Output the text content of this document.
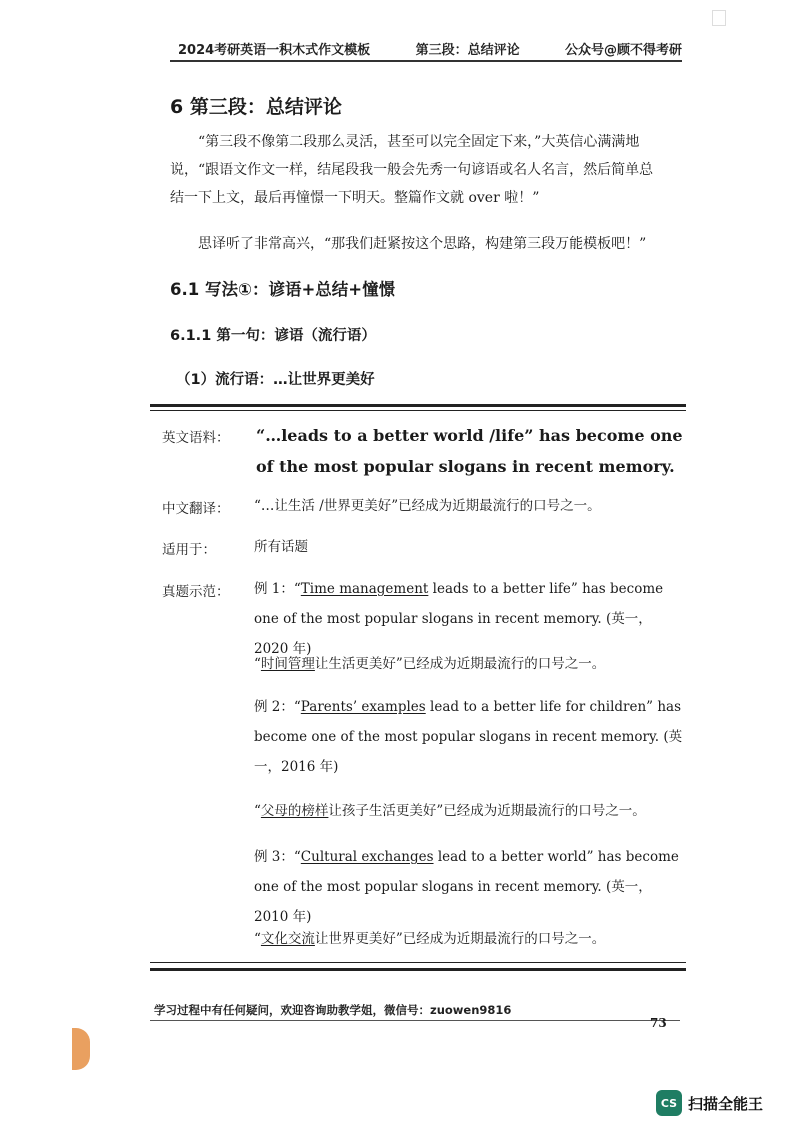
2024考研英语一积木式作文模板	第三段：总结评论	公众号@顾不得考研
6 第三段：总结评论
“第三段不像第二段那么灵活，甚至可以完全固定下来，”大英信心满满地
说，“跟语文作文一样，结尾段我一般会先秀一句谚语或名人名言，然后简单总
结一下上文，最后再憧憬一下明天。整篇作文就 over 啦！”
思译听了非常高兴，“那我们赶紧按这个思路，构建第三段万能模板吧！”
6.1 写法①：谚语+总结+憧憬
6.1.1 第一句：谚语（流行语）
（1）流行语：…让世界更美好
英文语料： “…leads to a better world /life” has become one of the most popular slogans in recent memory.
中文翻译： “…让生活 /世界更美好”已经成为近期最流行的口号之一。
适用于：	所有话题
真题示范： 例 1：“Time management leads to a better life” has become one of the most popular slogans in recent memory. (英一，2020 年)
“时间管理让生活更美好”已经成为近期最流行的口号之一。
例 2：“Parents’ examples lead to a better life for children” has become one of the most popular slogans in recent memory. (英一，2016 年)
“父母的榜样让孩子生活更美好”已经成为近期最流行的口号之一。
例 3：“Cultural exchanges lead to a better world” has become one of the most popular slogans in recent memory. (英一，2010 年)
“文化交流让世界更美好”已经成为近期最流行的口号之一。
学习过程中有任何疑问，欢迎咨询助教学姐，微信号：zuowen9816
73
CS 扫描全能王
